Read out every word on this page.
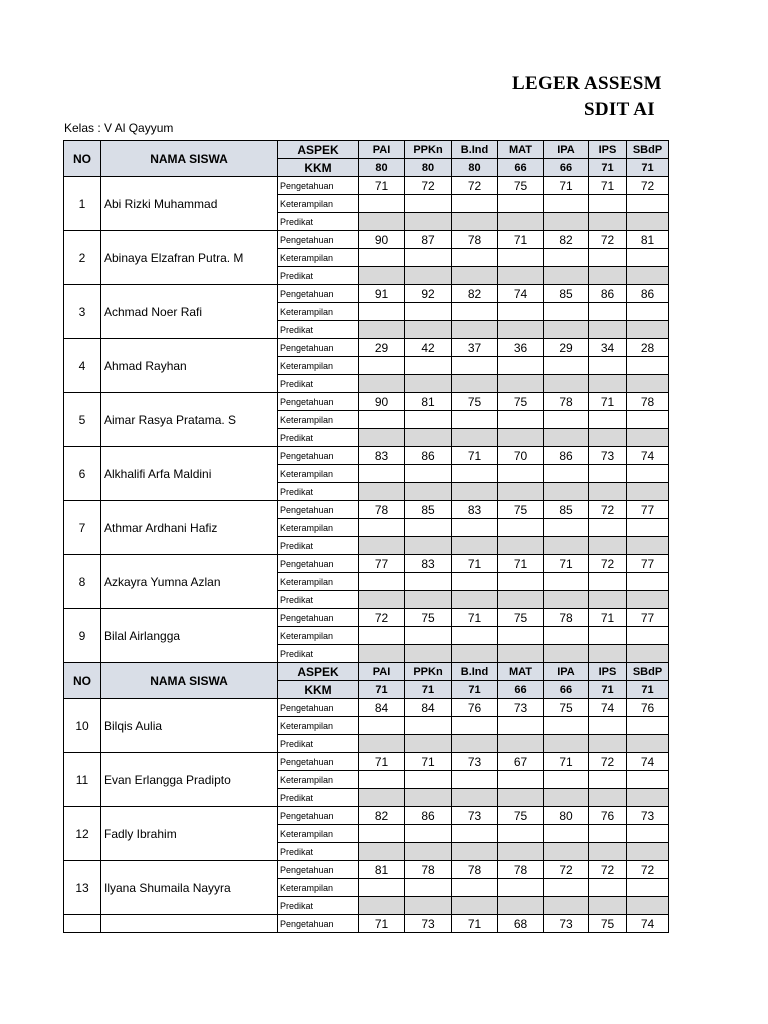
LEGER ASSESM
SDIT AI
Kelas : V Al Qayyum
NO	NAMA SISWA	ASPEK	PAI	PPKn	B.Ind	MAT	IPA	IPS	SBdP
		KKM	80	80	80	66	66	71	71
1	Abi Rizki Muhammad	Pengetahuan	71	72	72	75	71	71	72
		Keterampilan							
		Predikat							
2	Abinaya Elzafran Putra. M	Pengetahuan	90	87	78	71	82	72	81
		Keterampilan							
		Predikat							
3	Achmad Noer Rafi	Pengetahuan	91	92	82	74	85	86	86
		Keterampilan							
		Predikat							
4	Ahmad Rayhan	Pengetahuan	29	42	37	36	29	34	28
		Keterampilan							
		Predikat							
5	Aimar Rasya Pratama. S	Pengetahuan	90	81	75	75	78	71	78
		Keterampilan							
		Predikat							
6	Alkhalifi Arfa Maldini	Pengetahuan	83	86	71	70	86	73	74
		Keterampilan							
		Predikat							
7	Athmar Ardhani Hafiz	Pengetahuan	78	85	83	75	85	72	77
		Keterampilan							
		Predikat							
8	Azkayra Yumna Azlan	Pengetahuan	77	83	71	71	71	72	77
		Keterampilan							
		Predikat							
9	Bilal Airlangga	Pengetahuan	72	75	71	75	78	71	77
		Keterampilan							
		Predikat							
NO	NAMA SISWA	ASPEK	PAI	PPKn	B.Ind	MAT	IPA	IPS	SBdP
		KKM	71	71	71	66	66	71	71
10	Bilqis Aulia	Pengetahuan	84	84	76	73	75	74	76
		Keterampilan							
		Predikat							
11	Evan Erlangga Pradipto	Pengetahuan	71	71	73	67	71	72	74
		Keterampilan							
		Predikat							
12	Fadly Ibrahim	Pengetahuan	82	86	73	75	80	76	73
		Keterampilan							
		Predikat							
13	Ilyana Shumaila Nayyra	Pengetahuan	81	78	78	78	72	72	72
		Keterampilan							
		Predikat							
		Pengetahuan	71	73	71	68	73	75	74
